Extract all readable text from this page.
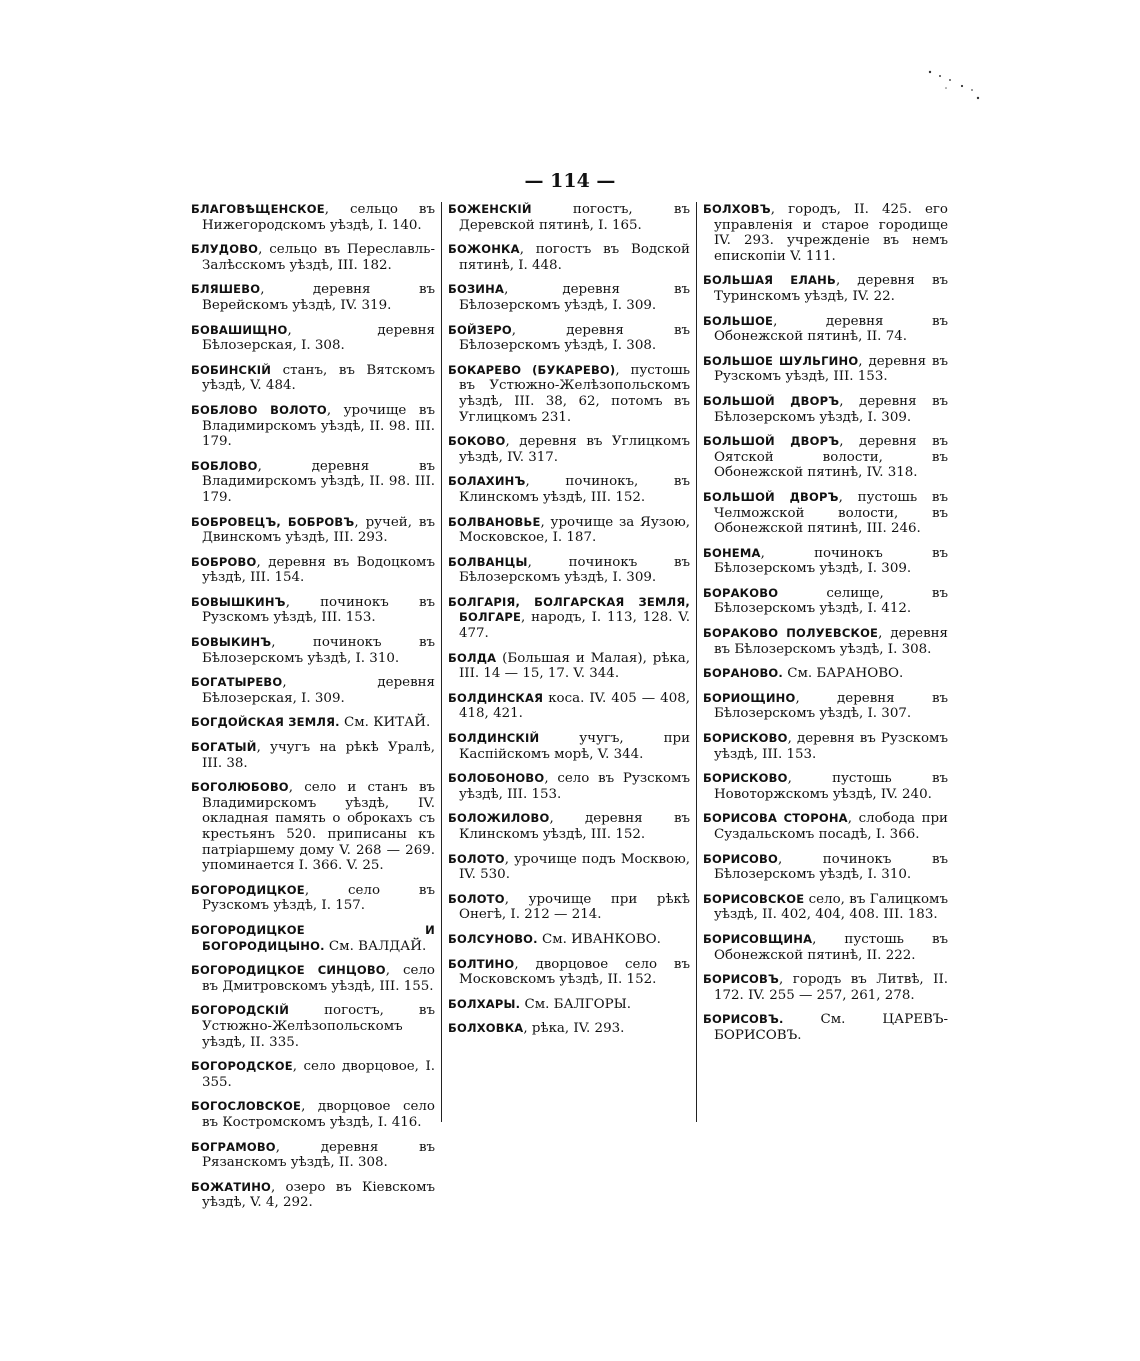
— 114 —
БЛАГОВѢЩЕНСКОЕ, сельцо въ Нижегородскомъ уѣздѣ, I. 140.
БЛУДОВО, сельцо въ Переславль-Залѣсскомъ уѣздѣ, III. 182.
БЛЯШЕВО, деревня въ Верейскомъ уѣздѣ, IV. 319.
БОВАШИЩНО, деревня Бѣлозерская, I. 308.
БОБИНСКІЙ станъ, въ Вятскомъ уѣздѣ, V. 484.
БОБЛОВО ВОЛОТО, урочище въ Владимирскомъ уѣздѣ, II. 98. III. 179.
БОБЛОВО, деревня въ Владимирскомъ уѣздѣ, II. 98. III. 179.
БОБРОВЕЦЪ, БОБРОВЪ, ручей, въ Двинскомъ уѣздѣ, III. 293.
БОБРОВО, деревня въ Водоцкомъ уѣздѣ, III. 154.
БОВЫШКИНЪ, починокъ въ Рузскомъ уѣздѣ, III. 153.
БОВЫКИНЪ, починокъ въ Бѣлозерскомъ уѣздѣ, I. 310.
БОГАТЫРЕВО, деревня Бѣлозерская, I. 309.
БОГДОЙСКАЯ ЗЕМЛЯ. См. КИТАЙ.
БОГАТЫЙ, учугъ на рѣкѣ Уралѣ, III. 38.
БОГОЛЮБОВО, село и станъ въ Владимирскомъ уѣздѣ, IV. окладная память о оброкахъ съ крестьянъ 520. приписаны къ патріаршему дому V. 268 — 269. упоминается I. 366. V. 25.
БОГОРОДИЦКОЕ, село въ Рузскомъ уѣздѣ, I. 157.
БОГОРОДИЦКОЕ И БОГОРОДИЦЫНО. См. ВАЛДАЙ.
БОГОРОДИЦКОЕ СИНЦОВО, село въ Дмитровскомъ уѣздѣ, III. 155.
БОГОРОДСКІЙ погостъ, въ Устюжно-Желѣзопольскомъ уѣздѣ, II. 335.
БОГОРОДСКОЕ, село дворцовое, I. 355.
БОГОСЛОВСКОЕ, дворцовое село въ Костромскомъ уѣздѣ, I. 416.
БОГРАМОВО, деревня въ Рязанскомъ уѣздѣ, II. 308.
БОЖАТИНО, озеро въ Кіевскомъ уѣздѣ, V. 4, 292.
БОЖЕНСКІЙ погостъ, въ Деревской пятинѣ, I. 165.
БОЖОНКА, погостъ въ Водской пятинѣ, I. 448.
БОЗИНА, деревня въ Бѣлозерскомъ уѣздѣ, I. 309.
БОЙЗЕРО, деревня въ Бѣлозерскомъ уѣздѣ, I. 308.
БОКАРЕВО (БУКАРЕВО), пустошь въ Устюжно-Желѣзопольскомъ уѣздѣ, III. 38, 62, потомъ въ Углицкомъ 231.
БОКОВО, деревня въ Углицкомъ уѣздѣ, IV. 317.
БОЛАХИНЪ, починокъ, въ Клинскомъ уѣздѣ, III. 152.
БОЛВАНОВЬЕ, урочище за Яузою, Московское, I. 187.
БОЛВАНЦЫ, починокъ въ Бѣлозерскомъ уѣздѣ, I. 309.
БОЛГАРІЯ, БОЛГАРСКАЯ ЗЕМЛЯ, БОЛГАРЕ, народъ, I. 113, 128. V. 477.
БОЛДА (Большая и Малая), рѣка, III. 14 — 15, 17. V. 344.
БОЛДИНСКАЯ коса. IV. 405 — 408, 418, 421.
БОЛДИНСКІЙ учугъ, при Каспійскомъ морѣ, V. 344.
БОЛОБОНОВО, село въ Рузскомъ уѣздѣ, III. 153.
БОЛОЖИЛОВО, деревня въ Клинскомъ уѣздѣ, III. 152.
БОЛОТО, урочище подъ Москвою, IV. 530.
БОЛОТО, урочище при рѣкѣ Онегѣ, I. 212 — 214.
БОЛСУНОВО. См. ИВАНКОВО.
БОЛТИНО, дворцовое село въ Московскомъ уѣздѣ, II. 152.
БОЛХАРЫ. См. БАЛГОРЫ.
БОЛХОВКА, рѣка, IV. 293.
БОЛХОВЪ, городъ, II. 425. его управленія и старое городище IV. 293. учрежденіе въ немъ епископіи V. 111.
БОЛЬШАЯ ЕЛАНЬ, деревня въ Туринскомъ уѣздѣ, IV. 22.
БОЛЬШОЕ, деревня въ Обонежской пятинѣ, II. 74.
БОЛЬШОЕ ШУЛЬГИНО, деревня въ Рузскомъ уѣздѣ, III. 153.
БОЛЬШОЙ ДВОРЪ, деревня въ Бѣлозерскомъ уѣздѣ, I. 309.
БОЛЬШОЙ ДВОРЪ, деревня въ Оятской волости, въ Обонежской пятинѣ, IV. 318.
БОЛЬШОЙ ДВОРЪ, пустошь въ Челможской волости, въ Обонежской пятинѣ, III. 246.
БОНЕМА, починокъ въ Бѣлозерскомъ уѣздѣ, I. 309.
БОРАКОВО селище, въ Бѣлозерскомъ уѣздѣ, I. 412.
БОРАКОВО ПОЛУЕВСКОЕ, деревня въ Бѣлозерскомъ уѣздѣ, I. 308.
БОРАНОВО. См. БАРАНОВО.
БОРИОЩИНО, деревня въ Бѣлозерскомъ уѣздѣ, I. 307.
БОРИСКОВО, деревня въ Рузскомъ уѣздѣ, III. 153.
БОРИСКОВО, пустошь въ Новоторжскомъ уѣздѣ, IV. 240.
БОРИСОВА СТОРОНА, слобода при Суздальскомъ посадѣ, I. 366.
БОРИСОВО, починокъ въ Бѣлозерскомъ уѣздѣ, I. 310.
БОРИСОВСКОЕ село, въ Галицкомъ уѣздѣ, II. 402, 404, 408. III. 183.
БОРИСОВЩИНА, пустошь въ Обонежской пятинѣ, II. 222.
БОРИСОВЪ, городъ въ Литвѣ, II. 172. IV. 255 — 257, 261, 278.
БОРИСОВЪ. См. ЦАРЕВЪ-БОРИСОВЪ.
